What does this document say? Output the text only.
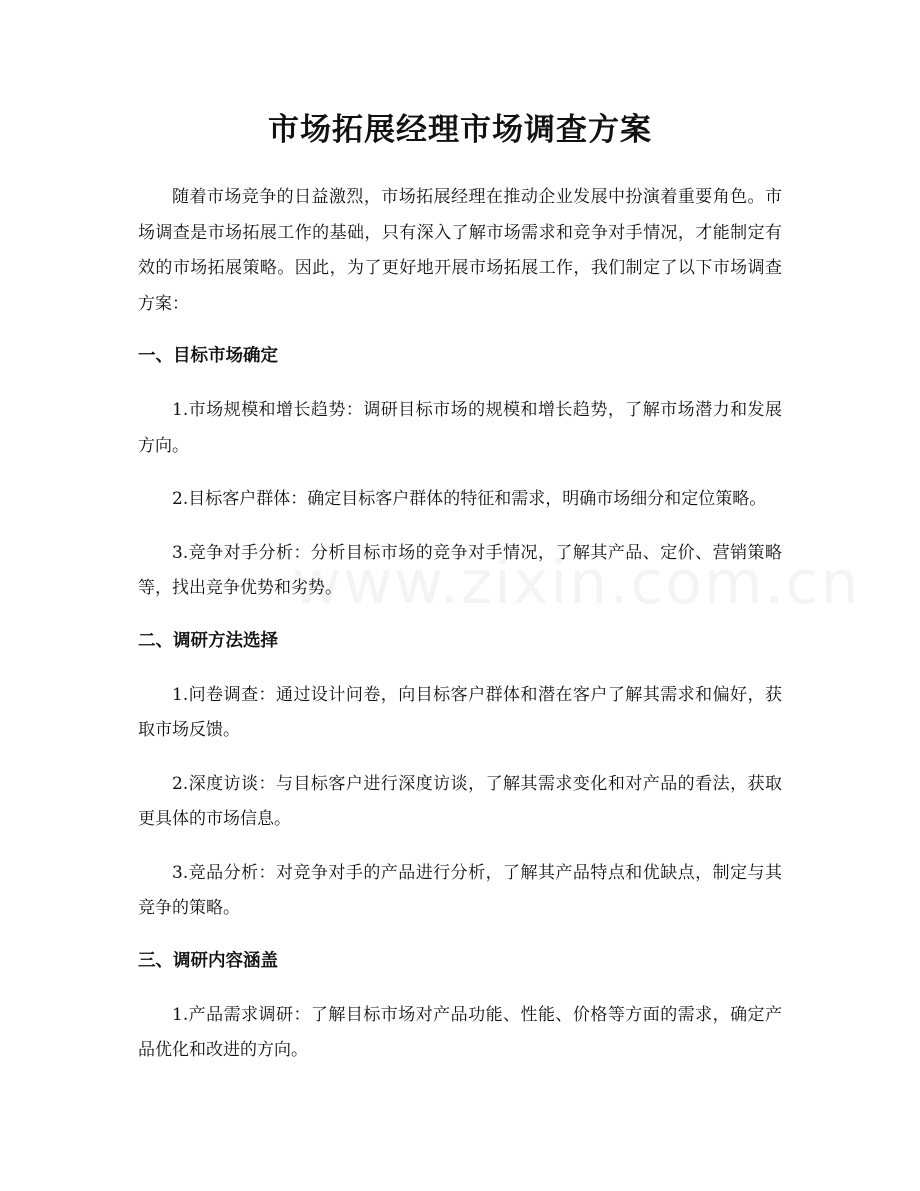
市场拓展经理市场调查方案

随着市场竞争的日益激烈，市场拓展经理在推动企业发展中扮演着重要角色。市场调查是市场拓展工作的基础，只有深入了解市场需求和竞争对手情况，才能制定有效的市场拓展策略。因此，为了更好地开展市场拓展工作，我们制定了以下市场调查方案：

一、目标市场确定

1.市场规模和增长趋势：调研目标市场的规模和增长趋势，了解市场潜力和发展方向。

2.目标客户群体：确定目标客户群体的特征和需求，明确市场细分和定位策略。

3.竞争对手分析：分析目标市场的竞争对手情况，了解其产品、定价、营销策略等，找出竞争优势和劣势。

二、调研方法选择

1.问卷调查：通过设计问卷，向目标客户群体和潜在客户了解其需求和偏好，获取市场反馈。

2.深度访谈：与目标客户进行深度访谈，了解其需求变化和对产品的看法，获取更具体的市场信息。

3.竞品分析：对竞争对手的产品进行分析，了解其产品特点和优缺点，制定与其竞争的策略。

三、调研内容涵盖

1.产品需求调研：了解目标市场对产品功能、性能、价格等方面的需求，确定产品优化和改进的方向。
